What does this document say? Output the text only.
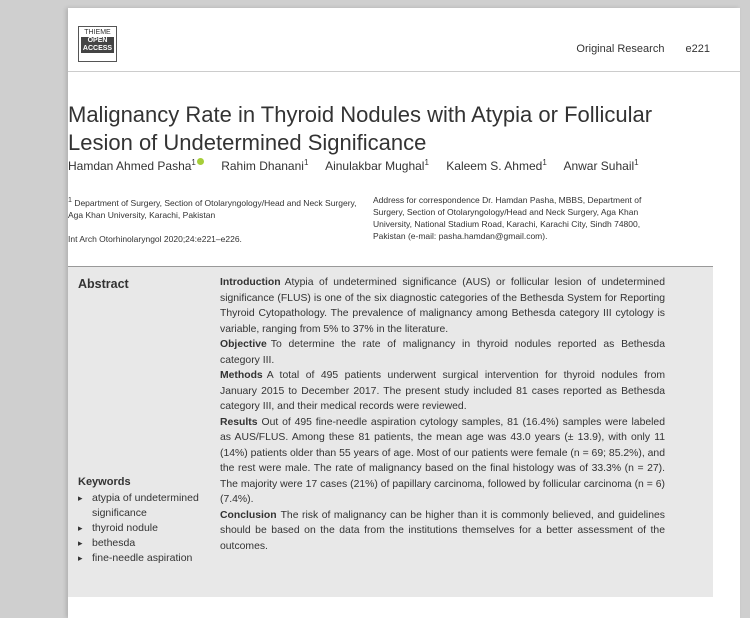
THIEME
OPEN
ACCESS	Original Research e221
Malignancy Rate in Thyroid Nodules with Atypia or Follicular Lesion of Undetermined Significance
Hamdan Ahmed Pasha$^1$ Rahim Dhanani$^1$ Ainulakbar Mughal$^1$ Kaleem S. Ahmed$^1$ Anwar Suhail$^1$
$^1$ Department of Surgery, Section of Otolaryngology/Head and Neck Surgery, Aga Khan University, Karachi, Pakistan
Int Arch Otorhinolaryngol 2020;24:e221–e226.
Address for correspondence Dr. Hamdan Pasha, MBBS, Department of Surgery, Section of Otolaryngology/Head and Neck Surgery, Aga Khan University, National Stadium Road, Karachi, Karachi City, Sindh 74800, Pakistan (e-mail: pasha.hamdan@gmail.com).
Abstract	Introduction Atypia of undetermined significance (AUS) or follicular lesion of undetermined significance (FLUS) is one of the six diagnostic categories of the Bethesda System for Reporting Thyroid Cytopathology. The prevalence of malignancy among Bethesda category III cytology is variable, ranging from 5% to 37% in the literature.

Objective To determine the rate of malignancy in thyroid nodules reported as Bethesda category III.

Methods A total of 495 patients underwent surgical intervention for thyroid nodules from January 2015 to December 2017. The present study included 81 cases reported as Bethesda category III, and their medical records were reviewed.

Results Out of 495 fine-needle aspiration cytology samples, 81 (16.4%) samples were labeled as AUS/FLUS. Among these 81 patients, the mean age was 43.0 years (± 13.9), with only 11 (14%) patients older than 55 years of age. Most of our patients were female (n = 69; 85.2%), and the rest were male. The rate of malignancy based on the final histology was of 33.3% (n = 27). The majority were 17 cases (21%) of papillary carcinoma, followed by follicular carcinoma (n = 6) (7.4%).

Conclusion The risk of malignancy can be higher than it is commonly believed, and guidelines should be based on the data from the institutions themselves for a better assessment of the outcomes.

Keywords
▸ atypia of undetermined significance
▸ thyroid nodule
▸ bethesda
▸ fine-needle aspiration
